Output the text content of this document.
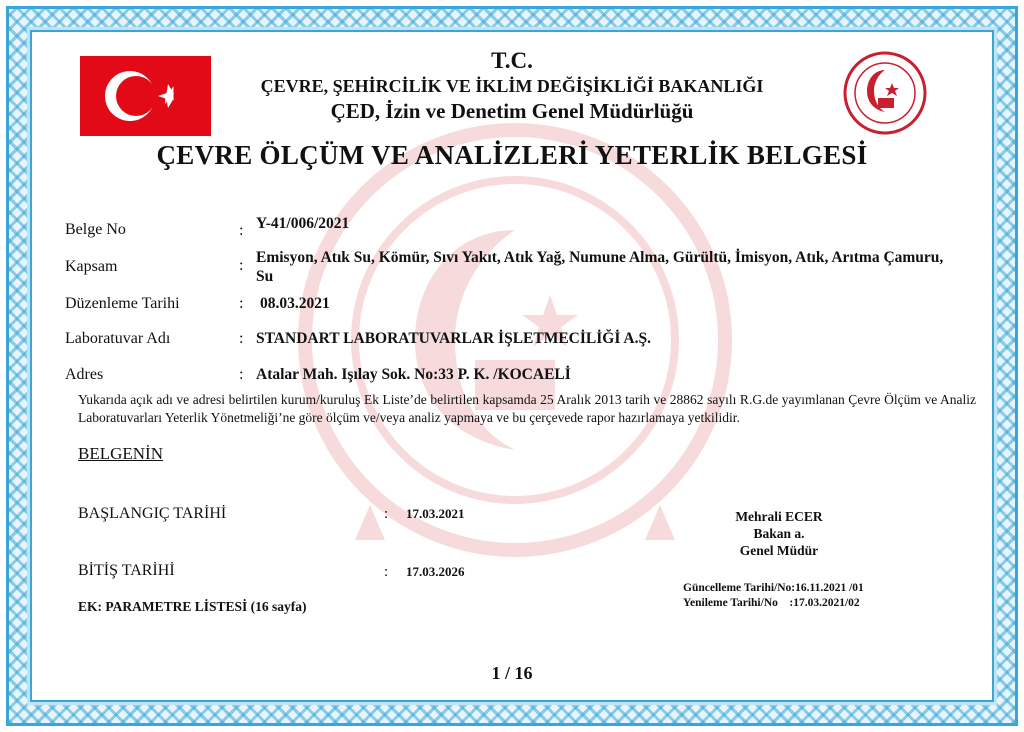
T.C.
ÇEVRE, ŞEHİRCİLİK VE İKLİM DEĞİŞİKLİĞİ BAKANLIĞI
ÇED, İzin ve Denetim Genel Müdürlüğü
ÇEVRE ÖLÇÜM VE ANALİZLERİ YETERLİK BELGESİ
Belge No	: Y-41/006/2021
Kapsam	: Emisyon, Atık Su, Kömür, Sıvı Yakıt, Atık Yağ, Numune Alma, Gürültü, İmisyon, Atık, Arıtma Çamuru, Su
Düzenleme Tarihi	: 08.03.2021
Laboratuvar Adı	: STANDART LABORATUVARLAR İŞLETMECİLİĞİ A.Ş.
Adres	: Atalar Mah. Işılay Sok. No:33 P. K. /KOCAELİ
Yukarıda açık adı ve adresi belirtilen kurum/kuruluş Ek Liste’de belirtilen kapsamda 25 Aralık 2013 tarih ve 28862 sayılı R.G.de yayımlanan Çevre Ölçüm ve Analiz Laboratuvarları Yeterlik Yönetmeliği’ne göre ölçüm ve/veya analiz yapmaya ve bu çerçevede rapor hazırlamaya yetkilidir.
BELGENİN
BAŞLANGIÇ TARİHİ	: 17.03.2021
BİTİŞ TARİHİ	: 17.03.2026
EK: PARAMETRE LİSTESİ (16 sayfa)
Mehrali ECER
Bakan a.
Genel Müdür
Güncelleme Tarihi/No:16.11.2021 /01
Yenileme Tarihi/No    :17.03.2021/02
1 / 16
